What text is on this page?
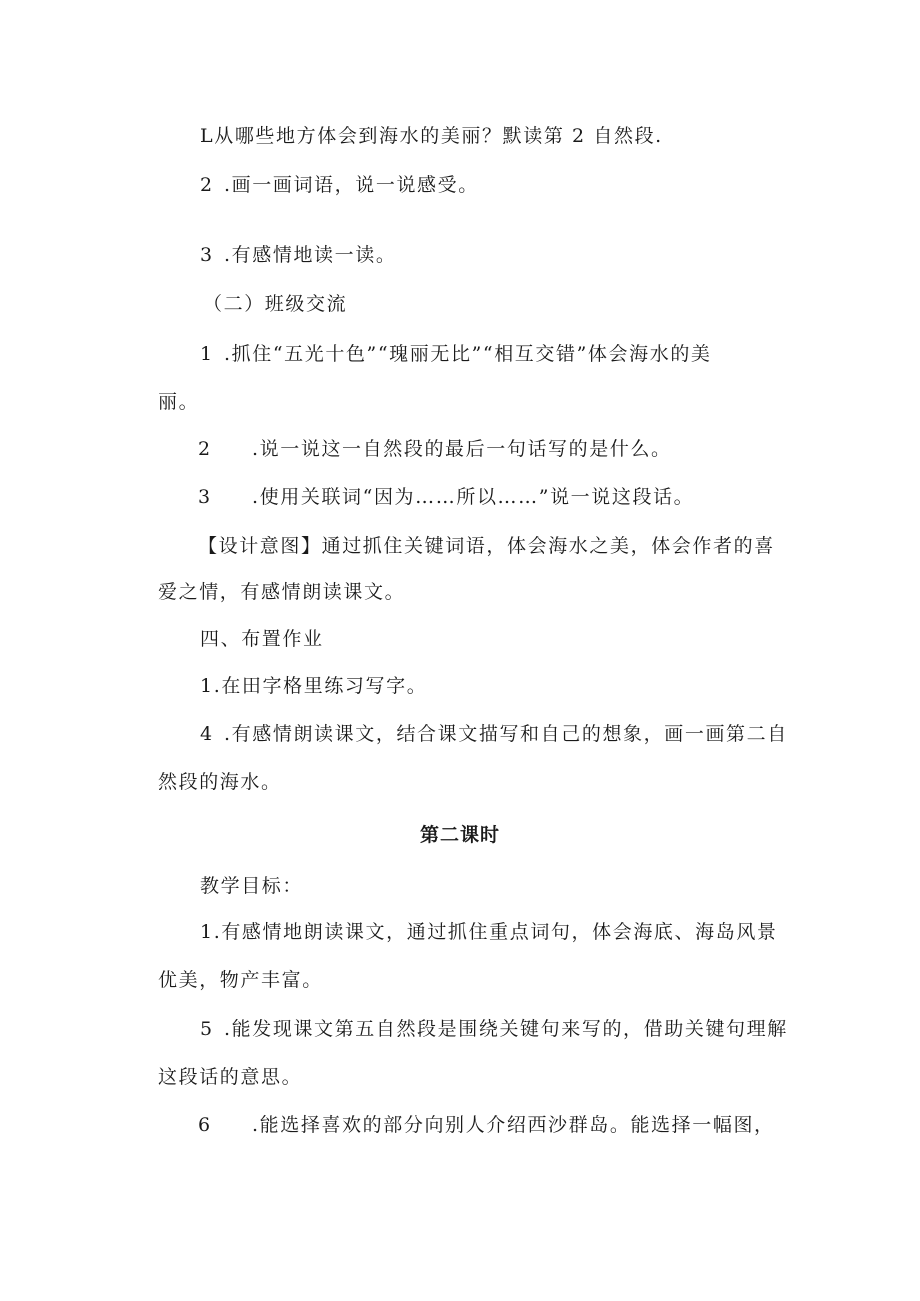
L从哪些地方体会到海水的美丽？默读第 2 自然段.

2 .画一画词语，说一说感受。

3 .有感情地读一读。

（二）班级交流

1 .抓住“五光十色”“瑰丽无比”“相互交错”体会海水的美

丽。

2 .说一说这一自然段的最后一句话写的是什么。

3 .使用关联词“因为……所以……”说一说这段话。

【设计意图】通过抓住关键词语，体会海水之美，体会作者的喜

爱之情，有感情朗读课文。

四、布置作业

1.在田字格里练习写字。

4 .有感情朗读课文，结合课文描写和自己的想象，画一画第二自

然段的海水。

第二课时

教学目标：

1.有感情地朗读课文，通过抓住重点词句，体会海底、海岛风景

优美，物产丰富。

5 .能发现课文第五自然段是围绕关键句来写的，借助关键句理解

这段话的意思。

6 .能选择喜欢的部分向别人介绍西沙群岛。能选择一幅图，
